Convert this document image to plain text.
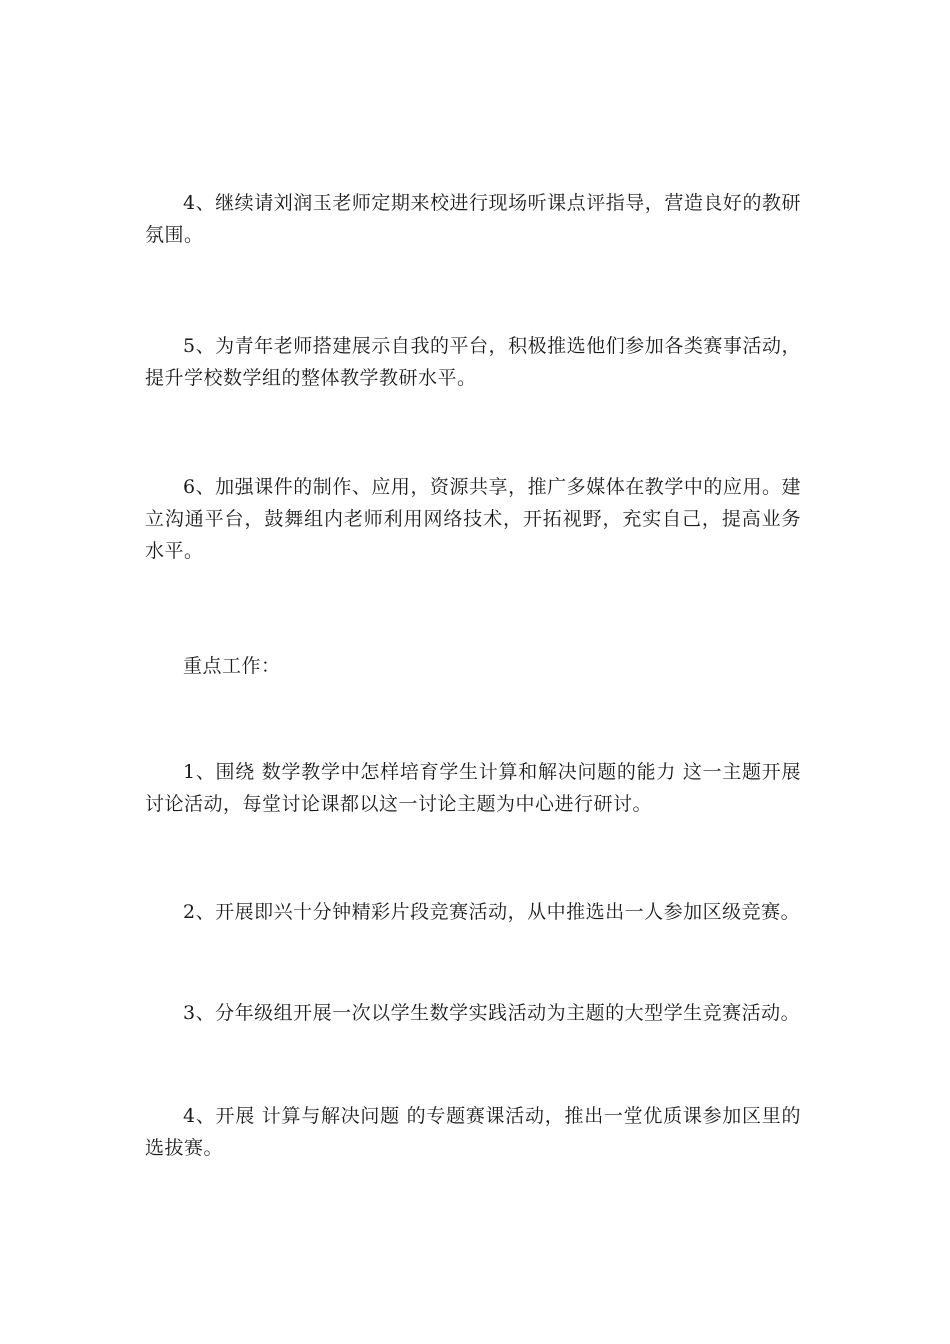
4、继续请刘润玉老师定期来校进行现场听课点评指导，营造良好的教研氛围。

5、为青年老师搭建展示自我的平台，积极推选他们参加各类赛事活动，提升学校数学组的整体教学教研水平。

6、加强课件的制作、应用，资源共享，推广多媒体在教学中的应用。建立沟通平台，鼓舞组内老师利用网络技术，开拓视野，充实自己，提高业务水平。

重点工作：

1、围绕 数学教学中怎样培育学生计算和解决问题的能力 这一主题开展讨论活动，每堂讨论课都以这一讨论主题为中心进行研讨。

2、开展即兴十分钟精彩片段竞赛活动，从中推选出一人参加区级竞赛。

3、分年级组开展一次以学生数学实践活动为主题的大型学生竞赛活动。

4、开展 计算与解决问题 的专题赛课活动，推出一堂优质课参加区里的选拔赛。
